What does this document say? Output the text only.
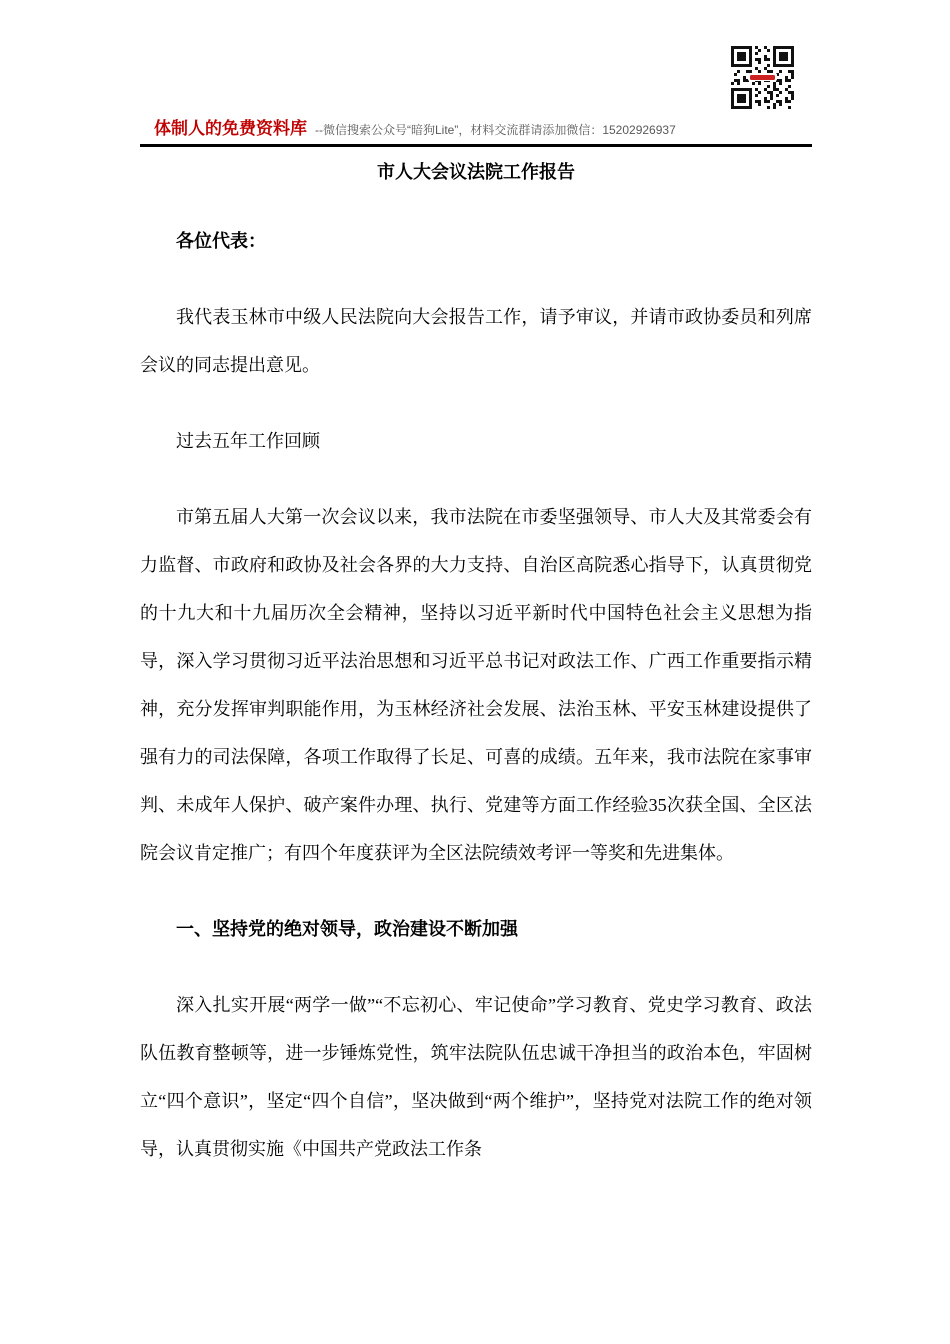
体制人的免费资料库 --微信搜索公众号“暗狗Lite”，材料交流群请添加微信：15202926937
市人大会议法院工作报告

各位代表：

我代表玉林市中级人民法院向大会报告工作，请予审议，并请市政协委员和列席会议的同志提出意见。

过去五年工作回顾

市第五届人大第一次会议以来，我市法院在市委坚强领导、市人大及其常委会有力监督、市政府和政协及社会各界的大力支持、自治区高院悉心指导下，认真贯彻党的十九大和十九届历次全会精神，坚持以习近平新时代中国特色社会主义思想为指导，深入学习贯彻习近平法治思想和习近平总书记对政法工作、广西工作重要指示精神，充分发挥审判职能作用，为玉林经济社会发展、法治玉林、平安玉林建设提供了强有力的司法保障，各项工作取得了长足、可喜的成绩。五年来，我市法院在家事审判、未成年人保护、破产案件办理、执行、党建等方面工作经验35次获全国、全区法院会议肯定推广；有四个年度获评为全区法院绩效考评一等奖和先进集体。

一、坚持党的绝对领导，政治建设不断加强

深入扎实开展“两学一做”“不忘初心、牢记使命”学习教育、党史学习教育、政法队伍教育整顿等，进一步锤炼党性，筑牢法院队伍忠诚干净担当的政治本色，牢固树立“四个意识”，坚定“四个自信”，坚决做到“两个维护”，坚持党对法院工作的绝对领导，认真贯彻实施《中国共产党政法工作条
